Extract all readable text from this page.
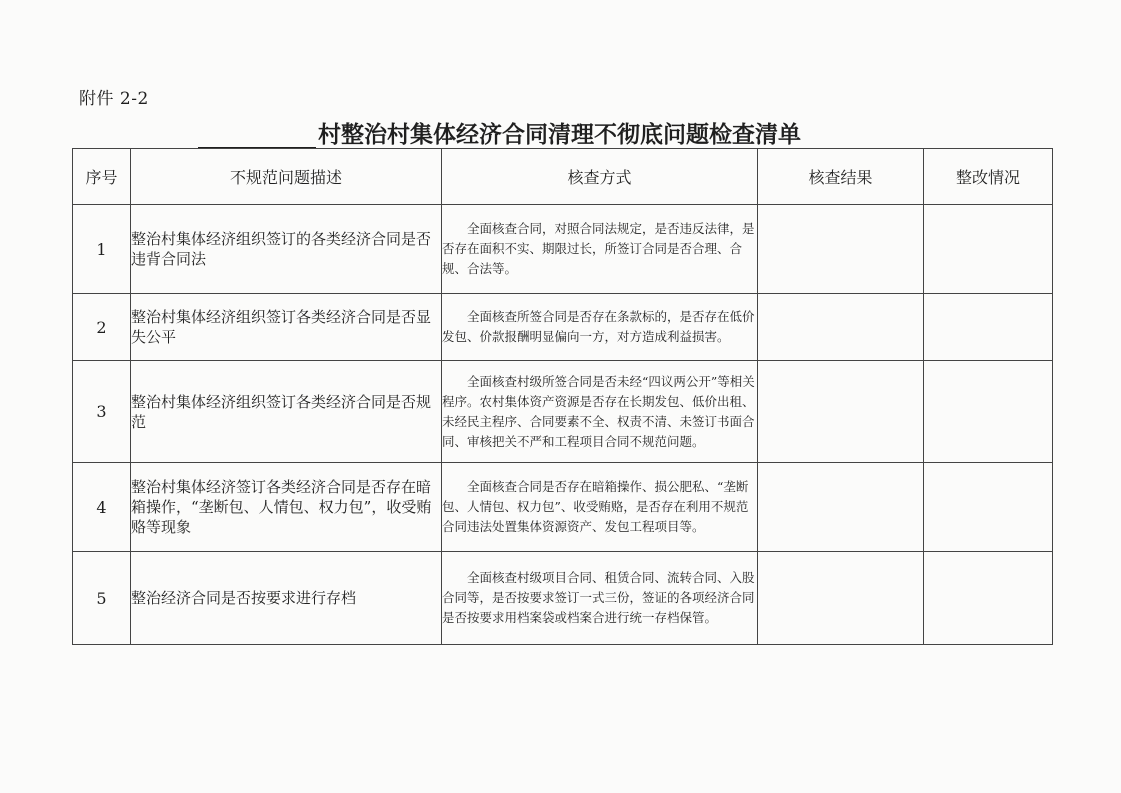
附件 2-2
村整治村集体经济合同清理不彻底问题检查清单
序号	不规范问题描述	核查方式	核查结果	整改情况
1	整治村集体经济组织签订的各类经济合同是否违背合同法	全面核查合同，对照合同法规定，是否违反法律，是否存在面积不实、期限过长，所签订合同是否合理、合规、合法等。		
2	整治村集体经济组织签订各类经济合同是否显失公平	全面核查所签合同是否存在条款标的，是否存在低价发包、价款报酬明显偏向一方，对方造成利益损害。		
3	整治村集体经济组织签订各类经济合同是否规范	全面核查村级所签合同是否未经“四议两公开”等相关程序。农村集体资产资源是否存在长期发包、低价出租、未经民主程序、合同要素不全、权责不清、未签订书面合同、审核把关不严和工程项目合同不规范问题。		
4	整治村集体经济签订各类经济合同是否存在暗箱操作，“垄断包、人情包、权力包”，收受贿赂等现象	全面核查合同是否存在暗箱操作、损公肥私、“垄断包、人情包、权力包”、收受贿赂，是否存在利用不规范合同违法处置集体资源资产、发包工程项目等。		
5	整治经济合同是否按要求进行存档	全面核查村级项目合同、租赁合同、流转合同、入股合同等，是否按要求签订一式三份，签证的各项经济合同是否按要求用档案袋或档案合进行统一存档保管。		
